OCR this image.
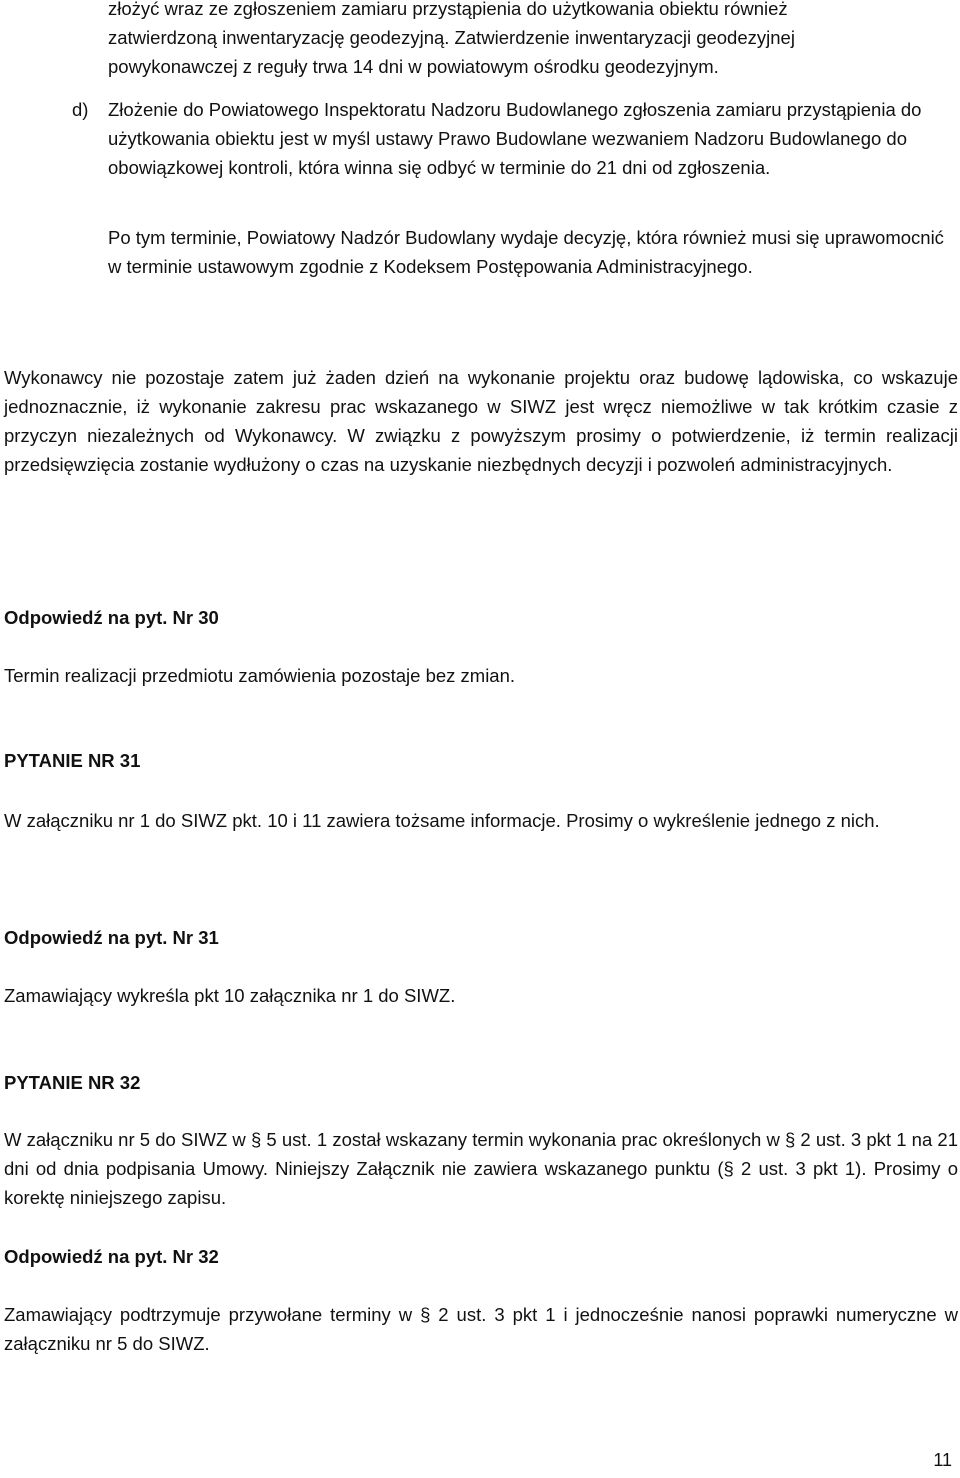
złożyć wraz ze zgłoszeniem zamiaru przystąpienia do użytkowania obiektu również
zatwierdzoną inwentaryzację geodezyjną. Zatwierdzenie inwentaryzacji geodezyjnej
powykonawczej z reguły trwa 14 dni w powiatowym ośrodku geodezyjnym.
d) Złożenie do Powiatowego Inspektoratu Nadzoru Budowlanego zgłoszenia zamiaru przystąpienia do użytkowania obiektu jest w myśl ustawy Prawo Budowlane wezwaniem Nadzoru Budowlanego do obowiązkowej kontroli, która winna się odbyć w terminie do 21 dni od zgłoszenia.
Po tym terminie, Powiatowy Nadzór Budowlany wydaje decyzję, która również musi się uprawomocnić w terminie ustawowym zgodnie z Kodeksem Postępowania Administracyjnego.
Wykonawcy nie pozostaje zatem już żaden dzień na wykonanie projektu oraz budowę lądowiska, co wskazuje jednoznacznie, iż wykonanie zakresu prac wskazanego w SIWZ jest wręcz niemożliwe w tak krótkim czasie z przyczyn niezależnych od Wykonawcy. W związku z powyższym prosimy o potwierdzenie, iż termin realizacji przedsięwzięcia zostanie wydłużony o czas na uzyskanie niezbędnych decyzji i pozwoleń administracyjnych.
Odpowiedź na pyt. Nr 30
Termin realizacji przedmiotu zamówienia pozostaje bez zmian.
PYTANIE NR 31
W załączniku nr 1 do SIWZ pkt. 10 i 11 zawiera tożsame informacje. Prosimy o wykreślenie jednego z nich.
Odpowiedź na pyt. Nr 31
Zamawiający wykreśla pkt 10 załącznika nr 1 do SIWZ.
PYTANIE NR 32
W załączniku nr 5 do SIWZ w § 5 ust. 1 został wskazany termin wykonania prac określonych w § 2 ust. 3 pkt 1 na 21 dni od dnia podpisania Umowy. Niniejszy Załącznik nie zawiera wskazanego punktu (§ 2 ust. 3 pkt 1). Prosimy o korektę niniejszego zapisu.
Odpowiedź na pyt. Nr 32
Zamawiający podtrzymuje przywołane terminy w § 2 ust. 3 pkt 1 i jednocześnie nanosi poprawki numeryczne w załączniku nr 5 do SIWZ.
11
